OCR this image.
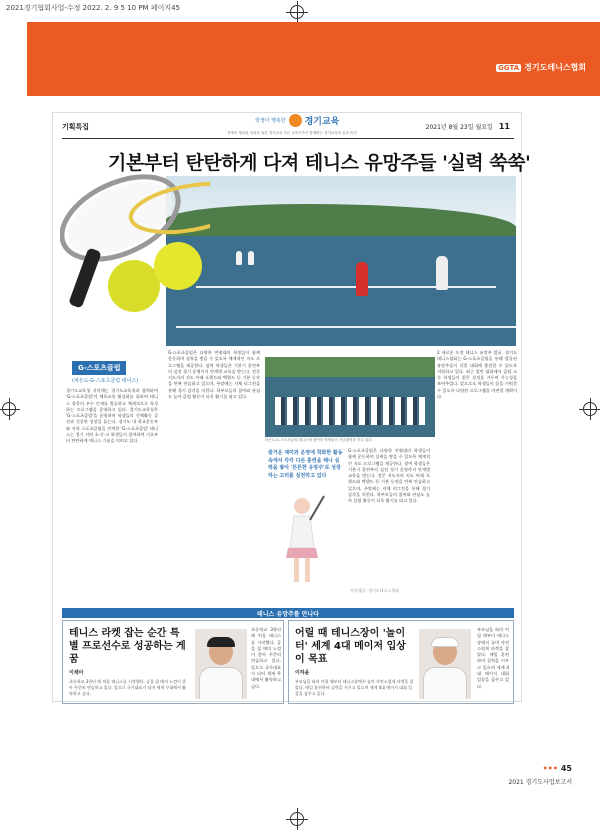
2021경기협회사업-수정 2022. 2. 9 5 10 PM 페이지45
GGTA 경기도테니스협회
기획특집
학생이 행복한 경기교육
학생의 행복한 성장을 위한 경기교육 모든 교육가족이 함께하는 경기교육의 꿈과 비전
2021년 8월 23일 월요일 11
기본부터 탄탄하게 다져 테니스 유망주들 '실력 쑥쑥'
G-스포츠클럽
(파은도-G-스포츠클럽 테니스)
경기도교육청 지덕체는 경기도교육청과 협력하여 'G-스포츠클럽'의 체육교육 활성화를 위하여 테니스 종목의 우수 인재를 발굴하고 체계적으로 육성하는 프로그램을 운영하고 있다. 경기도교육청은 'G-스포츠클럽'을 운영하며 학생들의 신체활동 증진과 건강한 성장을 돕는다. 경기도 내 학교운동부와 지역 스포츠클럽을 연계한 'G-스포츠클럽' 테니스는 경기 지역 초·중·고 학생들이 참여하여 기초부터 탄탄하게 테니스 기술을 익히고 있다.
G-스포츠클럽은 다양한 연령대의 학생들이 함께 운동하며 실력을 쌓을 수 있도록 체계적인 지도 프로그램을 제공한다. 참여 학생들은 기본기 훈련부터 실전 경기 운영까지 단계별 교육을 받는다. 전문 지도자의 지도 아래 포핸드와 백핸드 등 기본 동작을 반복 연습하고 있으며, 주말에는 자체 리그전을 통해 경기 감각을 익힌다. 학부모들의 참여와 관심도 높아 클럽 활동이 더욱 활기를 띠고 있다.
파은도-G-스포츠클럽 테니스에 참여한 학생들이 기념촬영을 하고 있다.
즐거운 재미와 운영에 착화한 활동 속에서 각각 다른 훈련을 해나 실력을 쌓아 '튼튼한 유망주'로 성장하는 고리를 실천하고 있다
G-스포츠클럽은 다양한 연령대의 학생들이 함께 운동하며 실력을 쌓을 수 있도록 체계적인 지도 프로그램을 제공한다. 참여 학생들은 기본기 훈련부터 실전 경기 운영까지 단계별 교육을 받는다. 전문 지도자의 지도 아래 포핸드와 백핸드 등 기본 동작을 반복 연습하고 있으며, 주말에는 자체 리그전을 통해 경기 감각을 익힌다. 학부모들의 참여와 관심도 높아 클럽 활동이 더욱 활기를 띠고 있다.
2 새로운 도전 테니스 유망주 발굴. 경기도테니스협회는 G-스포츠클럽을 통해 발굴된 유망주들이 각종 대회에 출전할 수 있도록 지원하고 있다. 최근 열린 대회에서 클럽 소속 학생들이 좋은 성적을 거두며 가능성을 보여주었다. 앞으로도 학생들이 꿈을 키워갈 수 있도록 다양한 프로그램을 마련할 계획이다.
사진제공: 경기도테니스협회
테니스 유망주를 만나다
테니스 라켓 잡는 순간 특별 프로선수로 성공하는 게 꿈
이채아
초등학교 3학년 때 처음 테니스를 시작했다. 공을 칠 때의 느낌이 좋아 꾸준히 연습하고 있다. 앞으로 국가대표가 되어 세계 무대에서 활약하고 싶다.
초등학교 3학년 때 처음 테니스를 시작했다. 공을 칠 때의 느낌이 좋아 꾸준히 연습하고 있다. 앞으로 국가대표가 되어 세계 무대에서 활약하고 싶다.
어릴 때 테니스장이 '놀이터' 세계 4대 메이저 입상이 목표
이하윤
부모님을 따라 어릴 때부터 테니스장에서 놀며 자연스럽게 라켓을 잡았다. 매일 훈련하며 실력을 키우고 있으며 세계 4대 메이저 대회 입상을 꿈꾸고 있다.
부모님을 따라 어릴 때부터 테니스장에서 놀며 자연스럽게 라켓을 잡았다. 매일 훈련하며 실력을 키우고 있으며 세계 4대 메이저 대회 입상을 꿈꾸고 있다.
••• 45
2021 경기도사업보고서
